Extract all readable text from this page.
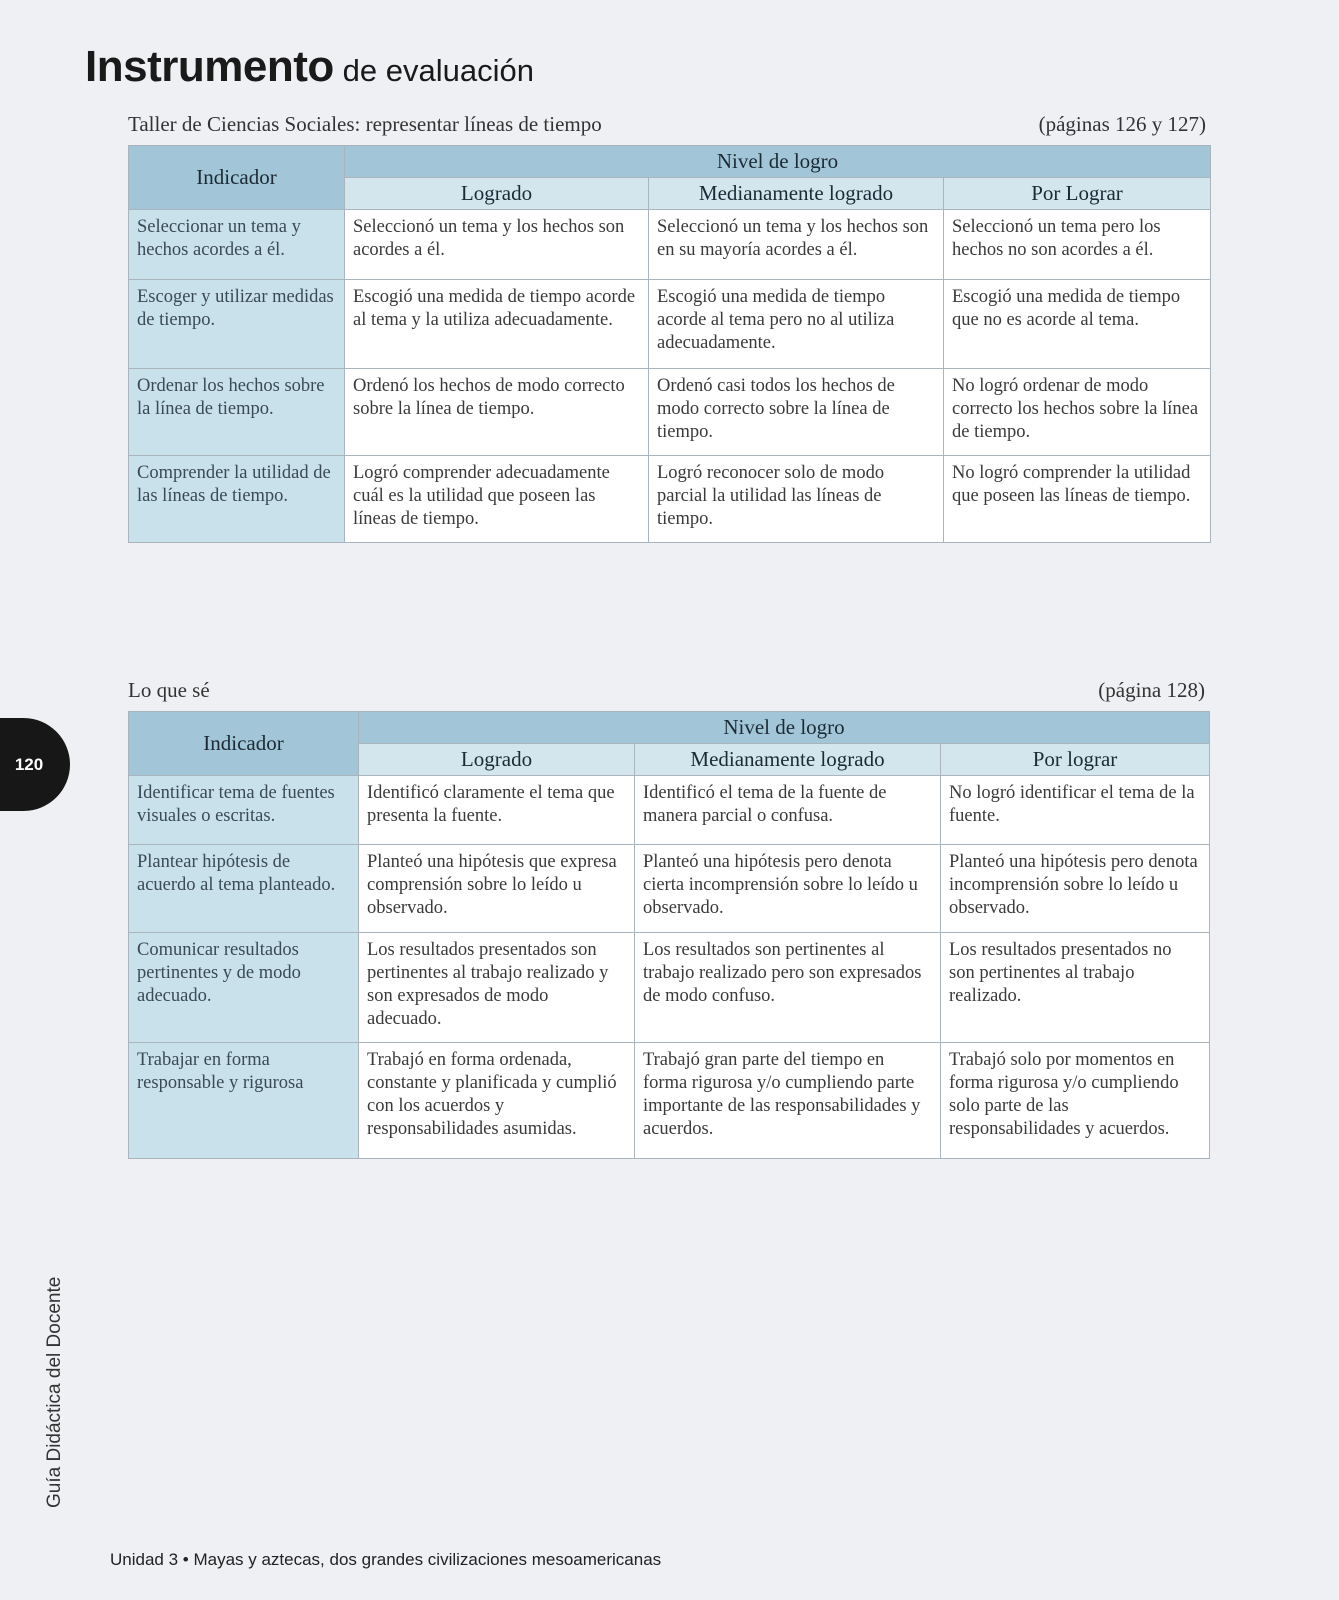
Instrumento de evaluación
Taller de Ciencias Sociales: representar líneas de tiempo	(páginas 126 y 127)
Indicador	Nivel de logro		
	Logrado	Medianamente logrado	Por Lograr
Seleccionar un tema y hechos acordes a él.	Seleccionó un tema y los hechos son acordes a él.	Seleccionó un tema y los hechos son en su mayoría acordes a él.	Seleccionó un tema pero los hechos no son acordes a él.
Escoger y utilizar medidas de tiempo.	Escogió una medida de tiempo acorde al tema y la utiliza adecuadamente.	Escogió una medida de tiempo acorde al tema pero no al utiliza adecuadamente.	Escogió una medida de tiempo que no es acorde al tema.
Ordenar los hechos sobre la línea de tiempo.	Ordenó los hechos de modo correcto sobre la línea de tiempo.	Ordenó casi todos los hechos de modo correcto sobre la línea de tiempo.	No logró ordenar de modo correcto los hechos sobre la línea de tiempo.
Comprender la utilidad de las líneas de tiempo.	Logró comprender adecuadamente cuál es la utilidad que poseen las líneas de tiempo.	Logró reconocer solo de modo parcial la utilidad las líneas de tiempo.	No logró comprender la utilidad que poseen las líneas de tiempo.
Lo que sé	(página 128)
Indicador	Nivel de logro		
	Logrado	Medianamente logrado	Por lograr
Identificar tema de fuentes visuales o escritas.	Identificó claramente el tema que presenta la fuente.	Identificó el tema de la fuente de manera parcial o confusa.	No logró identificar el tema de la fuente.
Plantear hipótesis de acuerdo al tema planteado.	Planteó una hipótesis que expresa comprensión sobre lo leído u observado.	Planteó una hipótesis pero denota cierta incomprensión sobre lo leído u observado.	Planteó una hipótesis pero denota incomprensión sobre lo leído u observado.
Comunicar resultados pertinentes y de modo adecuado.	Los resultados presentados son pertinentes al trabajo realizado y son expresados de modo adecuado.	Los resultados son pertinentes al trabajo realizado pero son expresados de modo confuso.	Los resultados presentados no son pertinentes al trabajo realizado.
Trabajar en forma responsable y rigurosa	Trabajó en forma ordenada, constante y planificada y cumplió con los acuerdos y responsabilidades asumidas.	Trabajó gran parte del tiempo en forma rigurosa y/o cumpliendo parte importante de las responsabilidades y acuerdos.	Trabajó solo por momentos en forma rigurosa y/o cumpliendo solo parte de las responsabilidades y acuerdos.
120
Guía Didáctica del Docente
Unidad 3 • Mayas y aztecas, dos grandes civilizaciones mesoamericanas
